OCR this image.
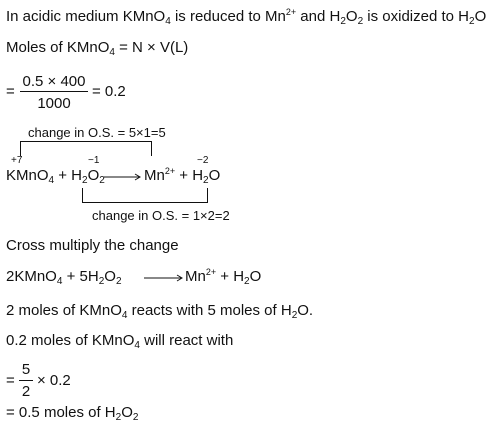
In acidic medium KMnO$_4$ is reduced to $Mn^{2+}$ and $H_2O_2$ is oxidized to $H_2O$
Moles of KMnO$_4$ = N × V(L)
=
0.5 × 400
1000
= 0.2
change in O.S. = 5×1=5
+7	−1	−2
KMnO$_4$ + $H_2O_2 \to Mn^{2+} + H_2O$
change in O.S. = 1×2=2
Cross multiply the change
2KMnO$_4$ + $5H_2O_2$	$Mn^{2+} + H_2O$
2 moles of KMnO$_4$ reacts with 5 moles of $H_2O$.
0.2 moles of KMnO$_4$ will react with
=
5
2
× 0.2
= 0.5 moles of $H_2O_2$
